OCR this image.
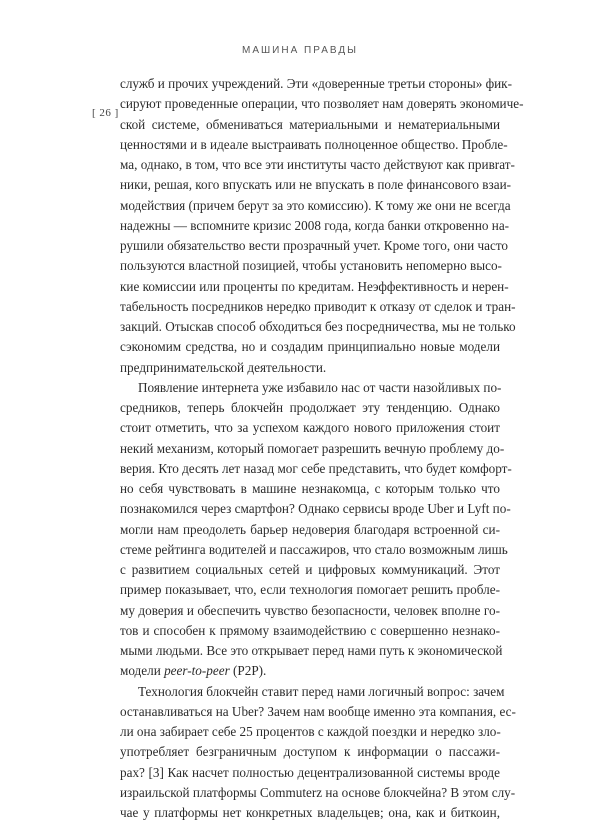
МАШИНА ПРАВДЫ
[ 26 ]
служб и прочих учреждений. Эти «доверенные третьи стороны» фик-
сируют проведенные операции, что позволяет нам доверять экономиче-
ской системе, обмениваться материальными и нематериальными
ценностями и в идеале выстраивать полноценное общество. Пробле-
ма, однако, в том, что все эти институты часто действуют как привrат-
ники, решая, кого впускать или не впускать в поле финансового взаи-
модействия (причем берут за это комиссию). К тому же они не всегда
надежны — вспомните кризис 2008 года, когда банки откровенно на-
рушили обязательство вести прозрачный учет. Кроме того, они часто
пользуются властной позицией, чтобы установить непомерно высо-
кие комиссии или проценты по кредитам. Неэффективность и нерен-
табельность посредников нередко приводит к отказу от сделок и тран-
закций. Отыскав способ обходиться без посредничества, мы не только
сэкономим средства, но и создадим принципиально новые модели
предпринимательской деятельности.
Появление интернета уже избавило нас от части назойливых по-
средников, теперь блокчейн продолжает эту тенденцию. Однако
стоит отметить, что за успехом каждого нового приложения стоит
некий механизм, который помогает разрешить вечную проблему до-
верия. Кто десять лет назад мог себе представить, что будет комфорт-
но себя чувствовать в машине незнакомца, с которым только что
познакомился через смартфон? Однако сервисы вроде Uber и Lyft по-
могли нам преодолеть барьер недоверия благодаря встроенной си-
стеме рейтинга водителей и пассажиров, что стало возможным лишь
с развитием социальных сетей и цифровых коммуникаций. Этот
пример показывает, что, если технология помогает решить пробле-
му доверия и обеспечить чувство безопасности, человек вполне го-
тов и способен к прямому взаимодействию с совершенно незнако-
мыми людьми. Все это открывает перед нами путь к экономической
модели peer-to-peer (P2P).
Технология блокчейн ставит перед нами логичный вопрос: зачем
останавливаться на Uber? Зачем нам вообще именно эта компания, ес-
ли она забирает себе 25 процентов с каждой поездки и нередко зло-
употребляет безграничным доступом к информации о пассажи-
рах? [3] Как насчет полностью децентрализованной системы вроде
израильской платформы Commuterz на основе блокчейна? В этом слу-
чае у платформы нет конкретных владельцев; она, как и биткоин,
